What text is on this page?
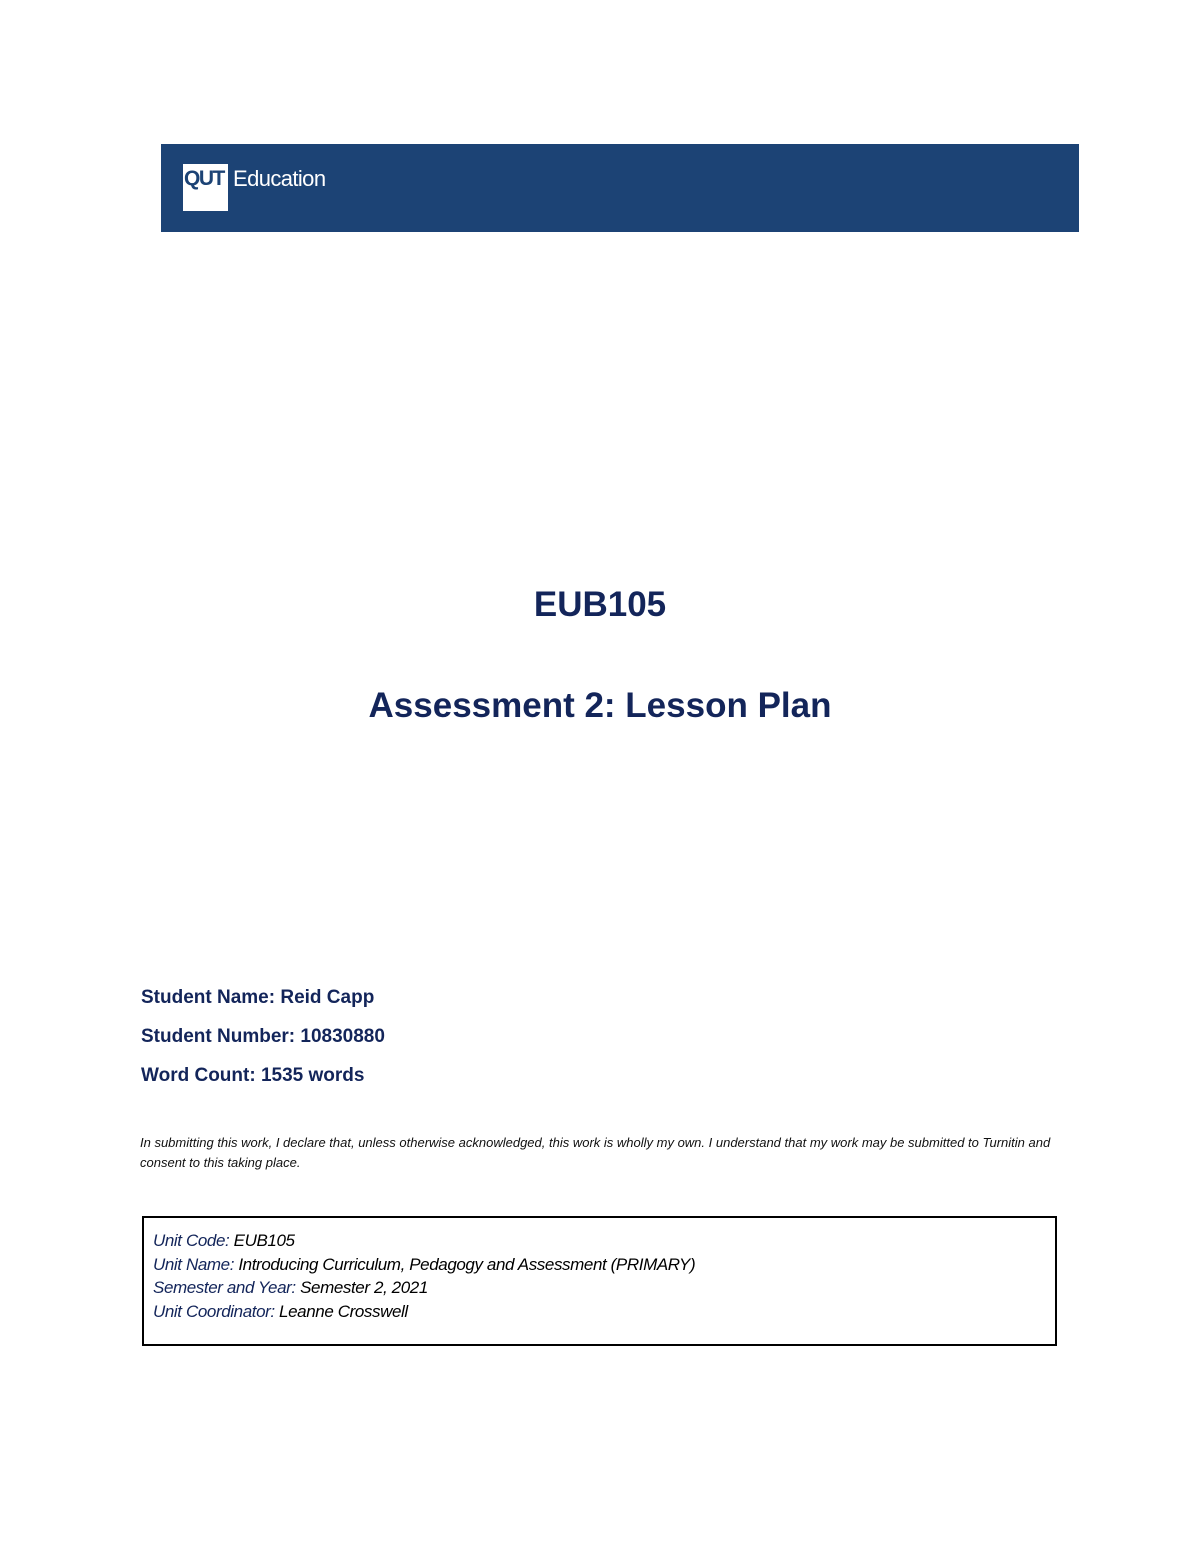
QUT Education
EUB105
Assessment 2: Lesson Plan
Student Name: Reid Capp
Student Number: 10830880
Word Count: 1535 words
In submitting this work, I declare that, unless otherwise acknowledged, this work is wholly my own. I understand that my work may be submitted to Turnitin and consent to this taking place.
Unit Code: EUB105
Unit Name: Introducing Curriculum, Pedagogy and Assessment (PRIMARY)
Semester and Year: Semester 2, 2021
Unit Coordinator: Leanne Crosswell
